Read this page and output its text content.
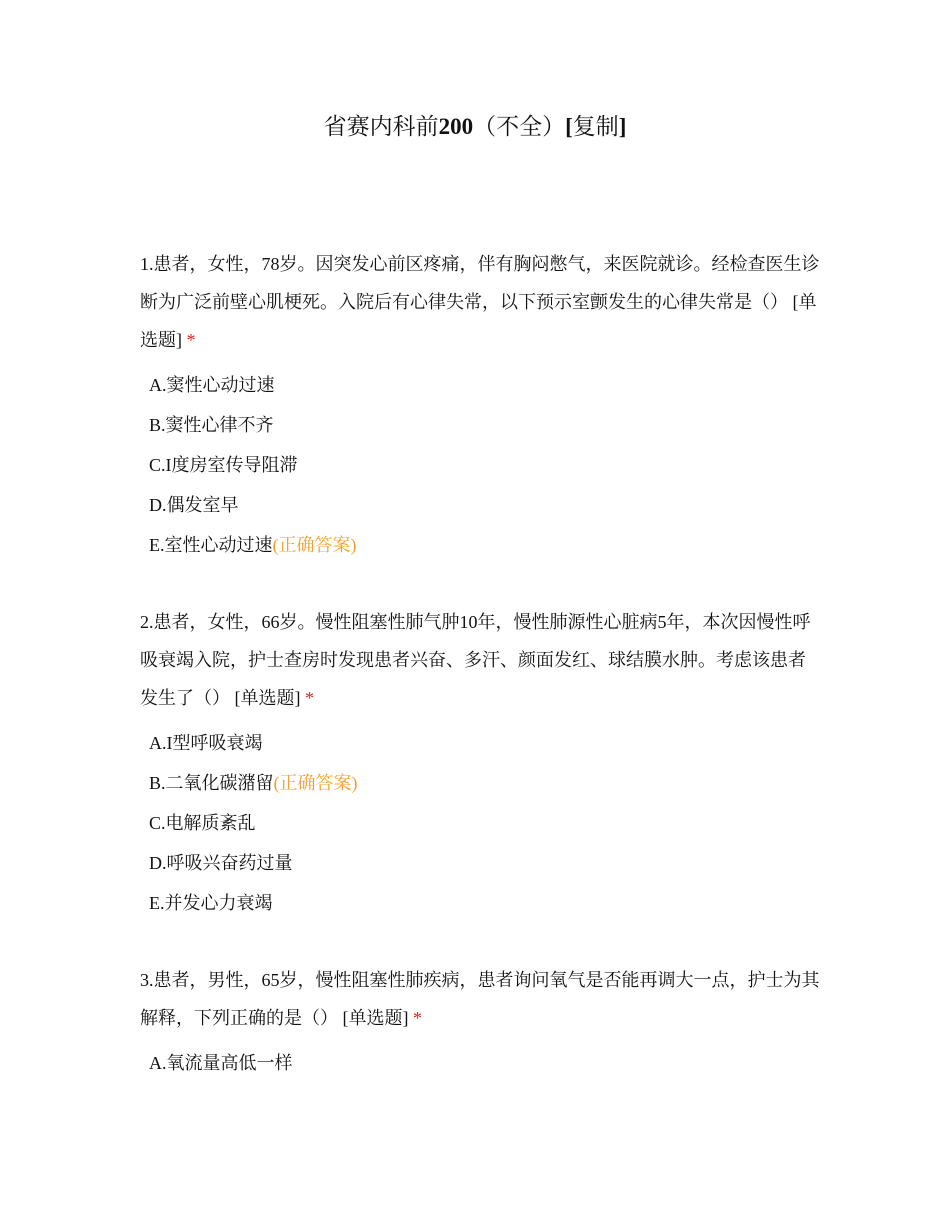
省赛内科前200（不全）[复制]

1.患者，女性，78岁。因突发心前区疼痛，伴有胸闷憋气，来医院就诊。经检查医生诊断为广泛前壁心肌梗死。入院后有心律失常，以下预示室颤发生的心律失常是（） [单选题] *

A.窦性心动过速
B.窦性心律不齐
C.I度房室传导阻滞
D.偶发室早
E.室性心动过速(正确答案)

2.患者，女性，66岁。慢性阻塞性肺气肿10年，慢性肺源性心脏病5年，本次因慢性呼吸衰竭入院，护士查房时发现患者兴奋、多汗、颜面发红、球结膜水肿。考虑该患者发生了（） [单选题] *

A.I型呼吸衰竭
B.二氧化碳潴留(正确答案)
C.电解质紊乱
D.呼吸兴奋药过量
E.并发心力衰竭

3.患者，男性，65岁，慢性阻塞性肺疾病，患者询问氧气是否能再调大一点，护士为其解释，下列正确的是（） [单选题] *

A.氧流量高低一样
